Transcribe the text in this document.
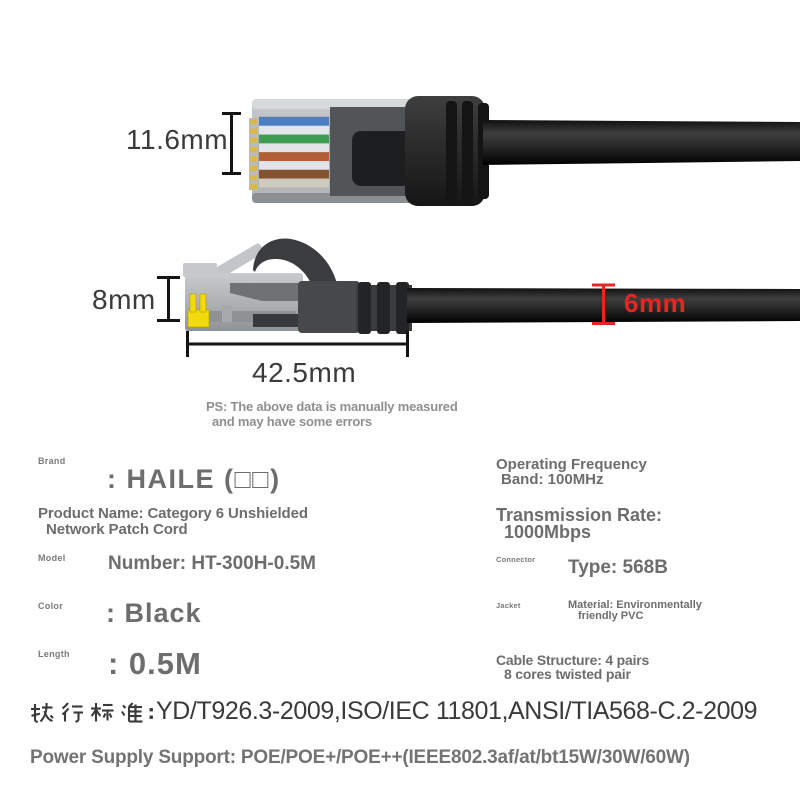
11.6mm
8mm	6mm
42.5mm
PS: The above data is manually measured
and may have some errors
Brand
: HAILE (□□)
Product Name: Category 6 Unshielded
Network Patch Cord
Model Number: HT-300H-0.5M
Color : Black
Length : 0.5M
Operating Frequency
Band: 100MHz
Transmission Rate:
1000Mbps
Connector Type: 568B
Jacket	Material: Environmentally
friendly PVC
Cable Structure: 4 pairs
8 cores twisted pair
YD/T926.3-2009,ISO/IEC 11801,ANSI/TIA568-C.2-2009
Power Supply Support: POE/POE+/POE++(IEEE802.3af/at/bt15W/30W/60W)
